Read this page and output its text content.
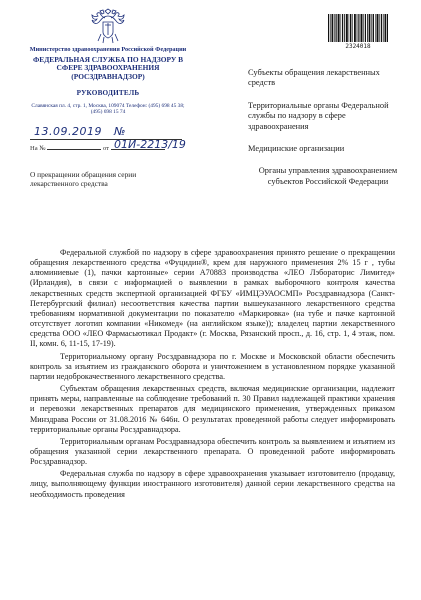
Министерство здравоохранения Российской Федерации
ФЕДЕРАЛЬНАЯ СЛУЖБА ПО НАДЗОРУ В СФЕРЕ ЗДРАВООХРАНЕНИЯ (РОСЗДРАВНАДЗОР)
РУКОВОДИТЕЛЬ
Славянская пл. 4, стр. 1, Москва, 109074 Телефон: (495) 698 45 38; (495) 698 15 74
13.09.2019 № 01И-2213/19
На №	от
О прекращении обращения серии лекарственного средства
2324018
Субъекты обращения лекарственных средств
Территориальные органы Федеральной службы по надзору в сфере здравоохранения
Медицинские организации
Органы управления здравоохранением субъектов Российской Федерации

Федеральной службой по надзору в сфере здравоохранения принято решение о прекращении обращения лекарственного средства «Фуцидин®, крем для наружного применения 2% 15 г , тубы алюминиевые (1), пачки картонные» серии A70883 производства «ЛЕО Лэбораторис Лимитед» (Ирландия), в связи с информацией о выявлении в рамках выборочного контроля качества лекарственных средств экспертной организацией ФГБУ «ИМЦЭУАОСМП» Росздравнадзора (Санкт-Петербургский филиал) несоответствия качества партии вышеуказанного лекарственного средства требованиям нормативной документации по показателю «Маркировка» (на тубе и пачке картонной отсутствует логотип компании «Никомед» (на английском языке)); владелец партии лекарственного средства ООО «ЛЕО Фармасьютикал Продакт» (г. Москва, Рязанский просп., д. 16, стр. 1, 4 этаж, пом. II, комн. 6, 11-15, 17-19).

Территориальному органу Росздравнадзора по г. Москве и Московской области обеспечить контроль за изъятием из гражданского оборота и уничтожением в установленном порядке указанной партии недоброкачественного лекарственного средства.

Субъектам обращения лекарственных средств, включая медицинские организации, надлежит принять меры, направленные на соблюдение требований п. 30 Правил надлежащей практики хранения и перевозки лекарственных препаратов для медицинского применения, утвержденных приказом Минздрава России от 31.08.2016 № 646н. О результатах проведенной работы следует информировать территориальные органы Росздравнадзора.

Территориальным органам Росздравнадзора обеспечить контроль за выявлением и изъятием из обращения указанной серии лекарственного препарата. О проведенной работе информировать Росздравнадзор.

Федеральная служба по надзору в сфере здравоохранения указывает изготовителю (продавцу, лицу, выполняющему функции иностранного изготовителя) данной серии лекарственного средства на необходимость проведения
